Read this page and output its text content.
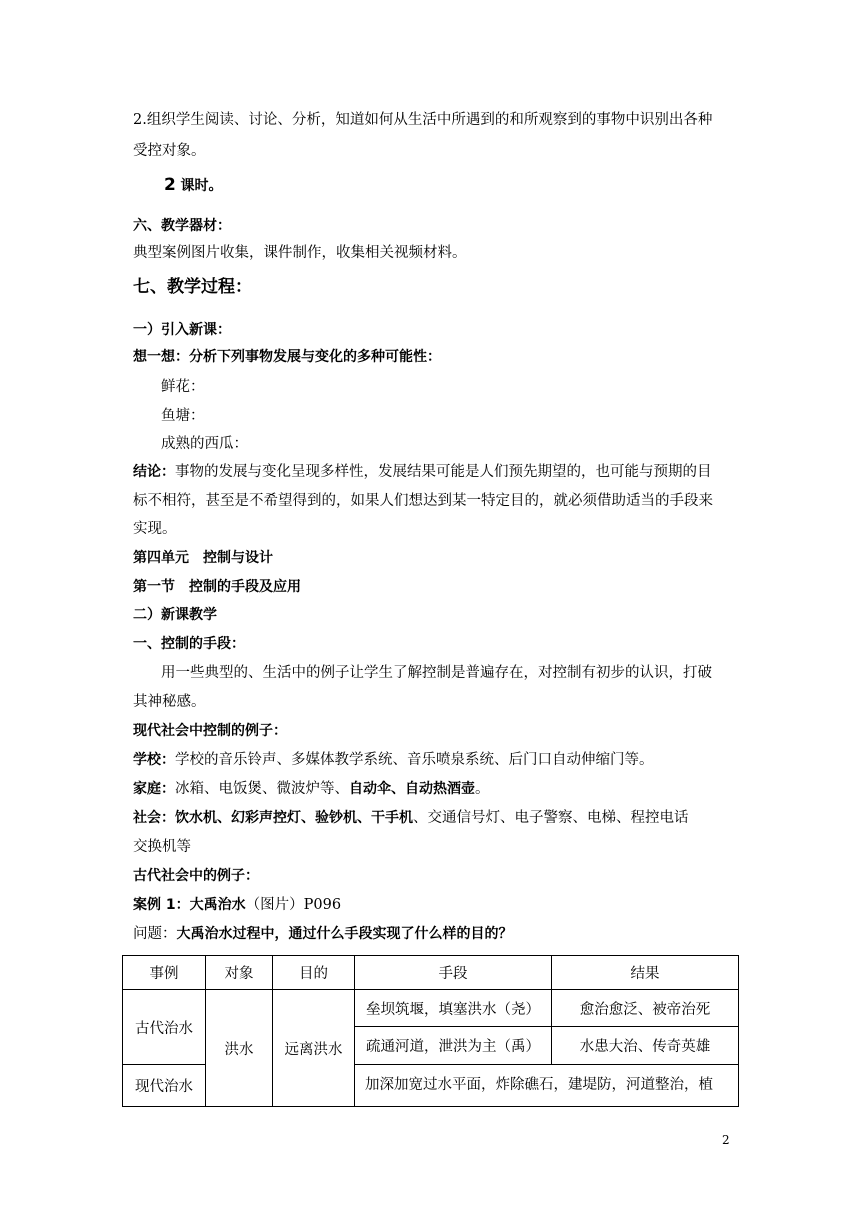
2.组织学生阅读、讨论、分析，知道如何从生活中所遇到的和所观察到的事物中识别出各种
受控对象。
2 课时。
六、教学器材：
典型案例图片收集，课件制作，收集相关视频材料。
七、教学过程：
一）引入新课：
想一想：分析下列事物发展与变化的多种可能性：
鲜花：
鱼塘：
成熟的西瓜：
结论：事物的发展与变化呈现多样性，发展结果可能是人们预先期望的，也可能与预期的目
标不相符，甚至是不希望得到的，如果人们想达到某一特定目的，就必须借助适当的手段来
实现。
第四单元　控制与设计
第一节　控制的手段及应用
二）新课教学
一、控制的手段：
用一些典型的、生活中的例子让学生了解控制是普遍存在，对控制有初步的认识，打破
其神秘感。
现代社会中控制的例子：
学校：学校的音乐铃声、多媒体教学系统、音乐喷泉系统、后门口自动伸缩门等。
家庭：冰箱、电饭煲、微波炉等、自动伞、自动热酒壶。
社会：饮水机、幻彩声控灯、验钞机、干手机、交通信号灯、电子警察、电梯、程控电话
交换机等
古代社会中的例子：
案例 1：大禹治水（图片）P096
问题：大禹治水过程中，通过什么手段实现了什么样的目的？
事例	对象	目的	手段	结果
古代治水	洪水	远离洪水	垒坝筑堰，填塞洪水（尧）	愈治愈泛、被帝治死
			疏通河道，泄洪为主（禹）	水患大治、传奇英雄
现代治水			加深加宽过水平面，炸除礁石，建堤防，河道整治，植	
2
